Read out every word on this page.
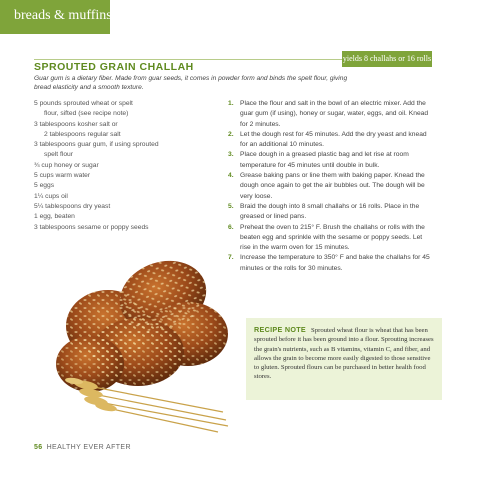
breads & muffins
yields 8 challahs or 16 rolls
SPROUTED GRAIN CHALLAH
Guar gum is a dietary fiber. Made from guar seeds, it comes in powder form and binds the spelt flour, giving bread elasticity and a smooth texture.
5 pounds sprouted wheat or spelt
flour, sifted (see recipe note)
3 tablespoons kosher salt or
2 tablespoons regular salt
3 tablespoons guar gum, if using sprouted
spelt flour
¾ cup honey or sugar
5 cups warm water
5 eggs
1¼ cups oil
5¼ tablespoons dry yeast
1 egg, beaten
3 tablespoons sesame or poppy seeds
1. Place the flour and salt in the bowl of an electric mixer. Add the guar gum (if using), honey or sugar, water, eggs, and oil. Knead for 2 minutes.
2. Let the dough rest for 45 minutes. Add the dry yeast and knead for an additional 10 minutes.
3. Place dough in a greased plastic bag and let rise at room temperature for 45 minutes until double in bulk.
4. Grease baking pans or line them with baking paper. Knead the dough once again to get the air bubbles out. The dough will be very loose.
5. Braid the dough into 8 small challahs or 16 rolls. Place in the greased or lined pans.
6. Preheat the oven to 215° F. Brush the challahs or rolls with the beaten egg and sprinkle with the sesame or poppy seeds. Let rise in the warm oven for 15 minutes.
7. Increase the temperature to 350° F and bake the challahs for 45 minutes or the rolls for 30 minutes.
RECIPE NOTE Sprouted wheat flour is wheat that has been sprouted before it has been ground into a flour. Sprouting increases the grain's nutrients, such as B vitamins, vitamin C, and fiber, and allows the grain to become more easily digested to those sensitive to gluten. Sprouted flours can be purchased in better health food stores.
56 HEALTHY EVER AFTER
